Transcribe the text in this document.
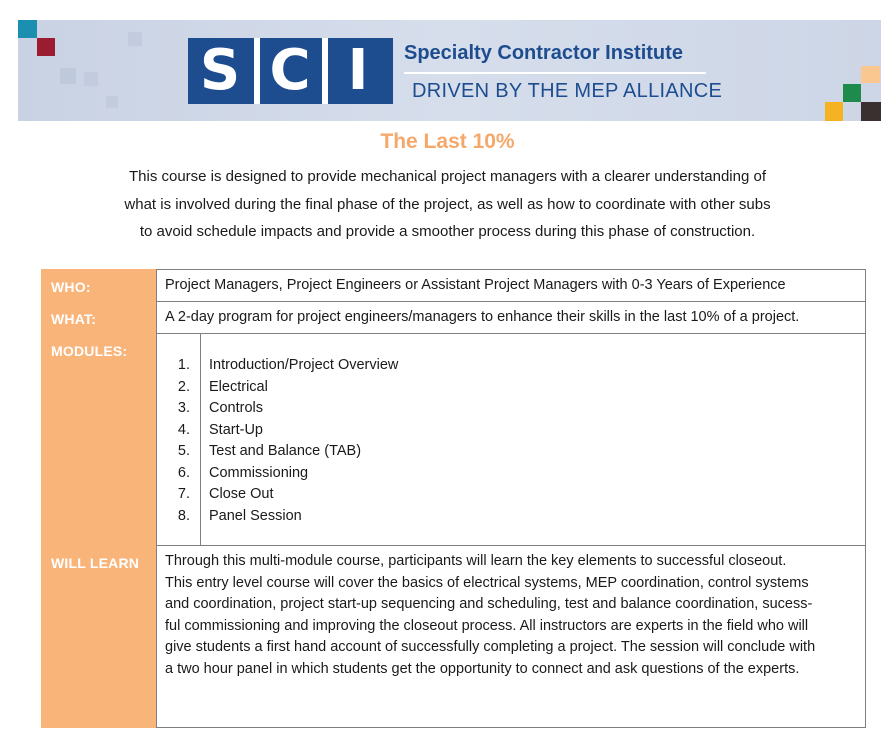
S C I	Specialty Contractor Institute
DRIVEN BY THE MEP ALLIANCE
The Last 10%
This course is designed to provide mechanical project managers with a clearer understanding of
what is involved during the final phase of the project, as well as how to coordinate with other subs
to avoid schedule impacts and provide a smoother process during this phase of construction.
WHO:	Project Managers, Project Engineers or Assistant Project Managers with 0-3 Years of Experience
WHAT:	A 2-day program for project engineers/managers to enhance their skills in the last 10% of a project.
MODULES:
1. Introduction/Project Overview
2. Electrical
3. Controls
4. Start-Up
5. Test and Balance (TAB)
6. Commissioning
7. Close Out
8. Panel Session
WILL LEARN Through this multi-module course, participants will learn the key elements to successful closeout.
This entry level course will cover the basics of electrical systems, MEP coordination, control systems
and coordination, project start-up sequencing and scheduling, test and balance coordination, sucess-
ful commissioning and improving the closeout process. All instructors are experts in the field who will
give students a first hand account of successfully completing a project. The session will conclude with
a two hour panel in which students get the opportunity to connect and ask questions of the experts.
